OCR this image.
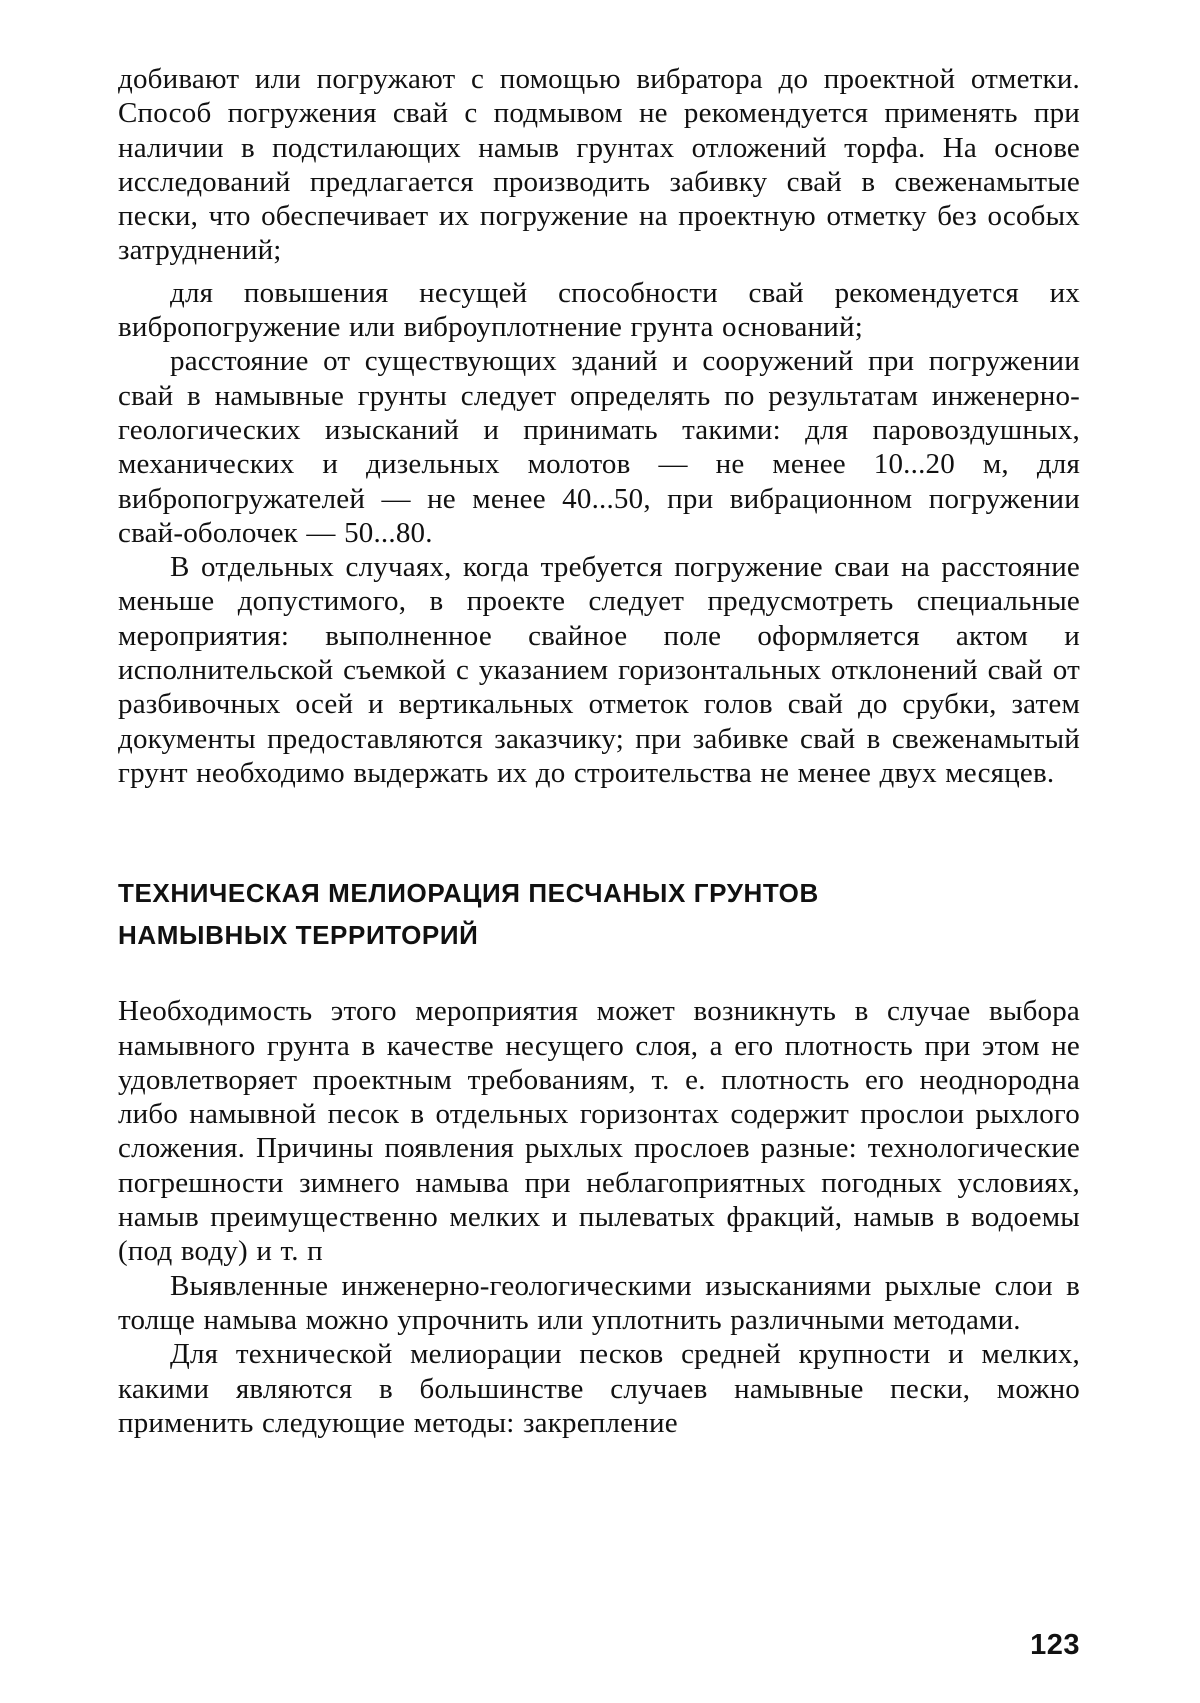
добивают или погружают с помощью вибратора до проектной отметки. Способ погружения свай с подмывом не рекомендуется применять при наличии в подстилающих намыв грунтах отложений торфа. На основе исследований предлагается производить забивку свай в свеженамытые пески, что обеспечивает их погружение на проектную отметку без особых затруднений;

для повышения несущей способности свай рекомендуется их вибропогружение или виброуплотнение грунта оснований;

расстояние от существующих зданий и сооружений при погружении свай в намывные грунты следует определять по результатам инженерно-геологических изысканий и принимать такими: для паровоздушных, механических и дизельных молотов — не менее 10...20 м, для вибропогружателей — не менее 40...50, при вибрационном погружении свай-оболочек — 50...80.

В отдельных случаях, когда требуется погружение сваи на расстояние меньше допустимого, в проекте следует предусмотреть специальные мероприятия: выполненное свайное поле оформляется актом и исполнительской съемкой с указанием горизонтальных отклонений свай от разбивочных осей и вертикальных отметок голов свай до срубки, затем документы предоставляются заказчику; при забивке свай в свеженамытый грунт необходимо выдержать их до строительства не менее двух месяцев.

ТЕХНИЧЕСКАЯ МЕЛИОРАЦИЯ ПЕСЧАНЫХ ГРУНТОВ
НАМЫВНЫХ ТЕРРИТОРИЙ

Необходимость этого мероприятия может возникнуть в случае выбора намывного грунта в качестве несущего слоя, а его плотность при этом не удовлетворяет проектным требованиям, т. е. плотность его неоднородна либо намывной песок в отдельных горизонтах содержит прослои рыхлого сложения. Причины появления рыхлых прослоев разные: технологические погрешности зимнего намыва при неблагоприятных погодных условиях, намыв преимущественно мелких и пылеватых фракций, намыв в водоемы (под воду) и т. п

Выявленные инженерно-геологическими изысканиями рыхлые слои в толще намыва можно упрочнить или уплотнить различными методами.

Для технической мелиорации песков средней крупности и мелких, какими являются в большинстве случаев намывные пески, можно применить следующие методы: закрепление

123
